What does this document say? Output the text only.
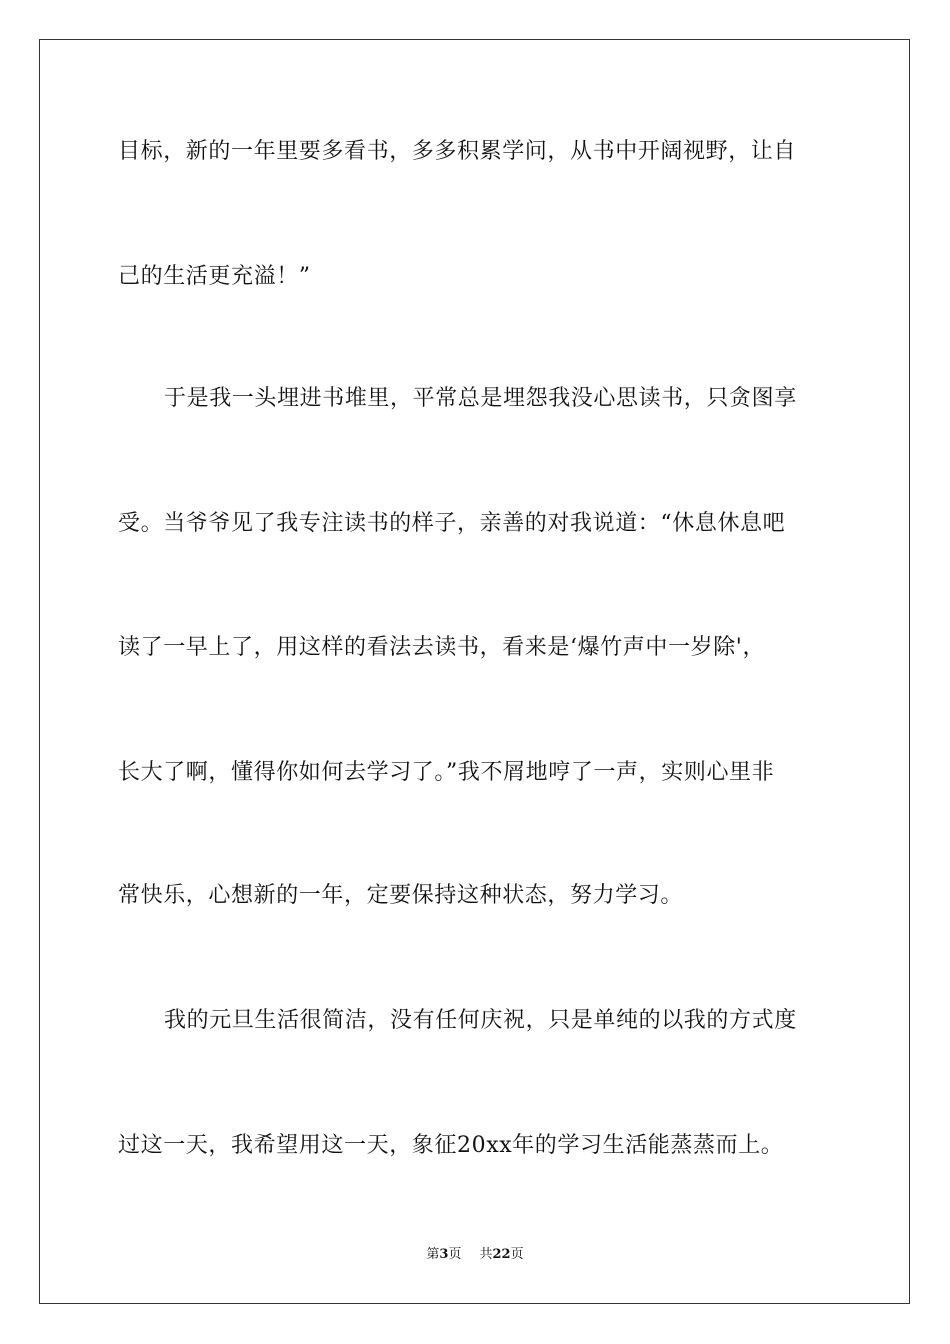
目标，新的一年里要多看书，多多积累学问，从书中开阔视野，让自
己的生活更充溢！”
于是我一头埋进书堆里，平常总是埋怨我没心思读书，只贪图享
受。当爷爷见了我专注读书的样子，亲善的对我说道：“休息休息吧
读了一早上了，用这样的看法去读书，看来是‘爆竹声中一岁除'，
长大了啊，懂得你如何去学习了。”我不屑地哼了一声，实则心里非
常快乐，心想新的一年，定要保持这种状态，努力学习。
我的元旦生活很简洁，没有任何庆祝，只是单纯的以我的方式度
过这一天，我希望用这一天，象征20xx年的学习生活能蒸蒸而上。
第3页 共22页
